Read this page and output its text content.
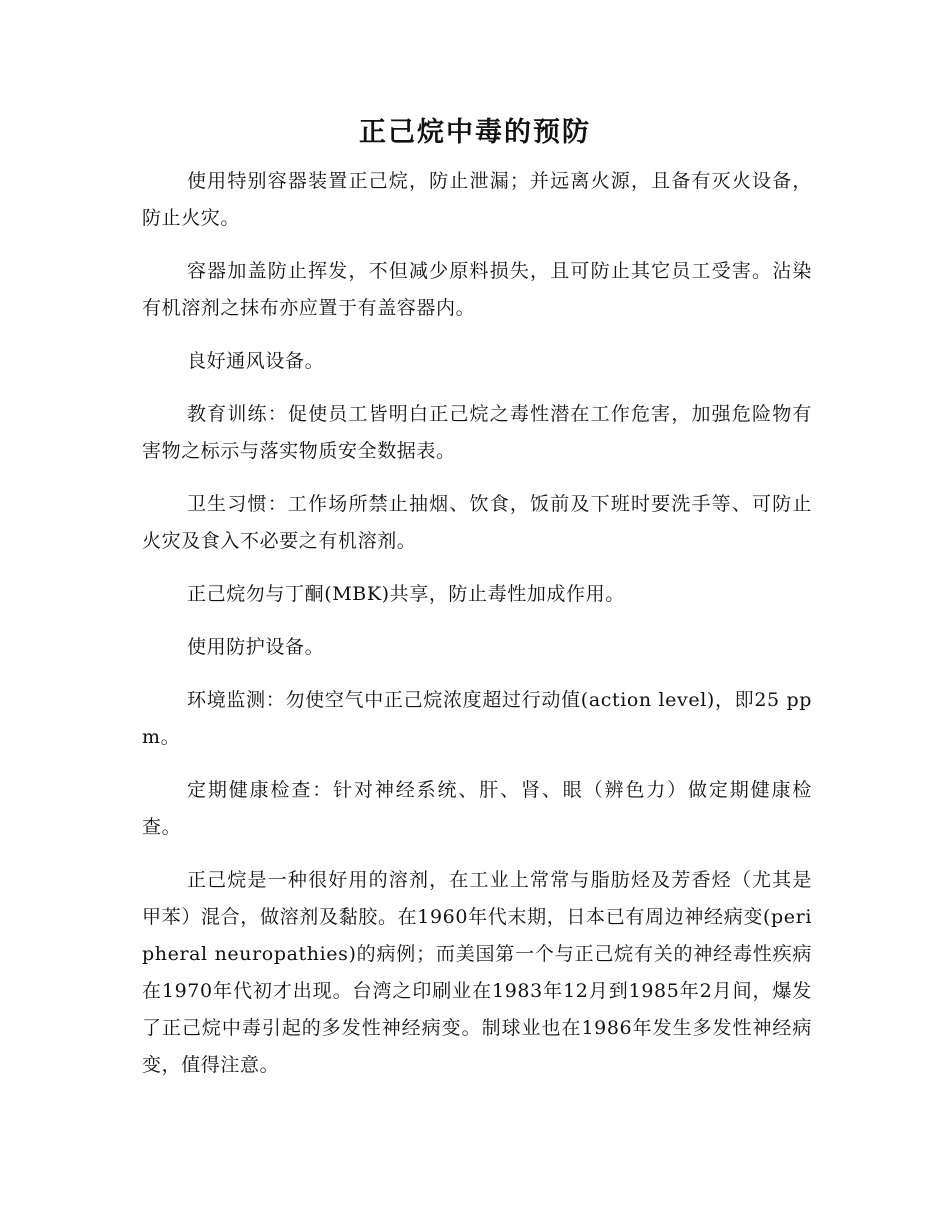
正己烷中毒的预防

使用特别容器装置正己烷，防止泄漏；并远离火源，且备有灭火设备，防止火灾。

容器加盖防止挥发，不但减少原料损失，且可防止其它员工受害。沾染有机溶剂之抹布亦应置于有盖容器内。

良好通风设备。

教育训练：促使员工皆明白正己烷之毒性潜在工作危害，加强危险物有害物之标示与落实物质安全数据表。

卫生习惯：工作场所禁止抽烟、饮食，饭前及下班时要洗手等、可防止火灾及食入不必要之有机溶剂。

正己烷勿与丁酮(MBK)共享，防止毒性加成作用。

使用防护设备。

环境监测：勿使空气中正己烷浓度超过行动值(action level)，即25 ppm。

定期健康检查：针对神经系统、肝、肾、眼（辨色力）做定期健康检查。

正己烷是一种很好用的溶剂，在工业上常常与脂肪烃及芳香烃（尤其是甲苯）混合，做溶剂及黏胶。在1960年代末期，日本已有周边神经病变(peripheral neuropathies)的病例；而美国第一个与正己烷有关的神经毒性疾病在1970年代初才出现。台湾之印刷业在1983年12月到1985年2月间，爆发了正己烷中毒引起的多发性神经病变。制球业也在1986年发生多发性神经病变，值得注意。
